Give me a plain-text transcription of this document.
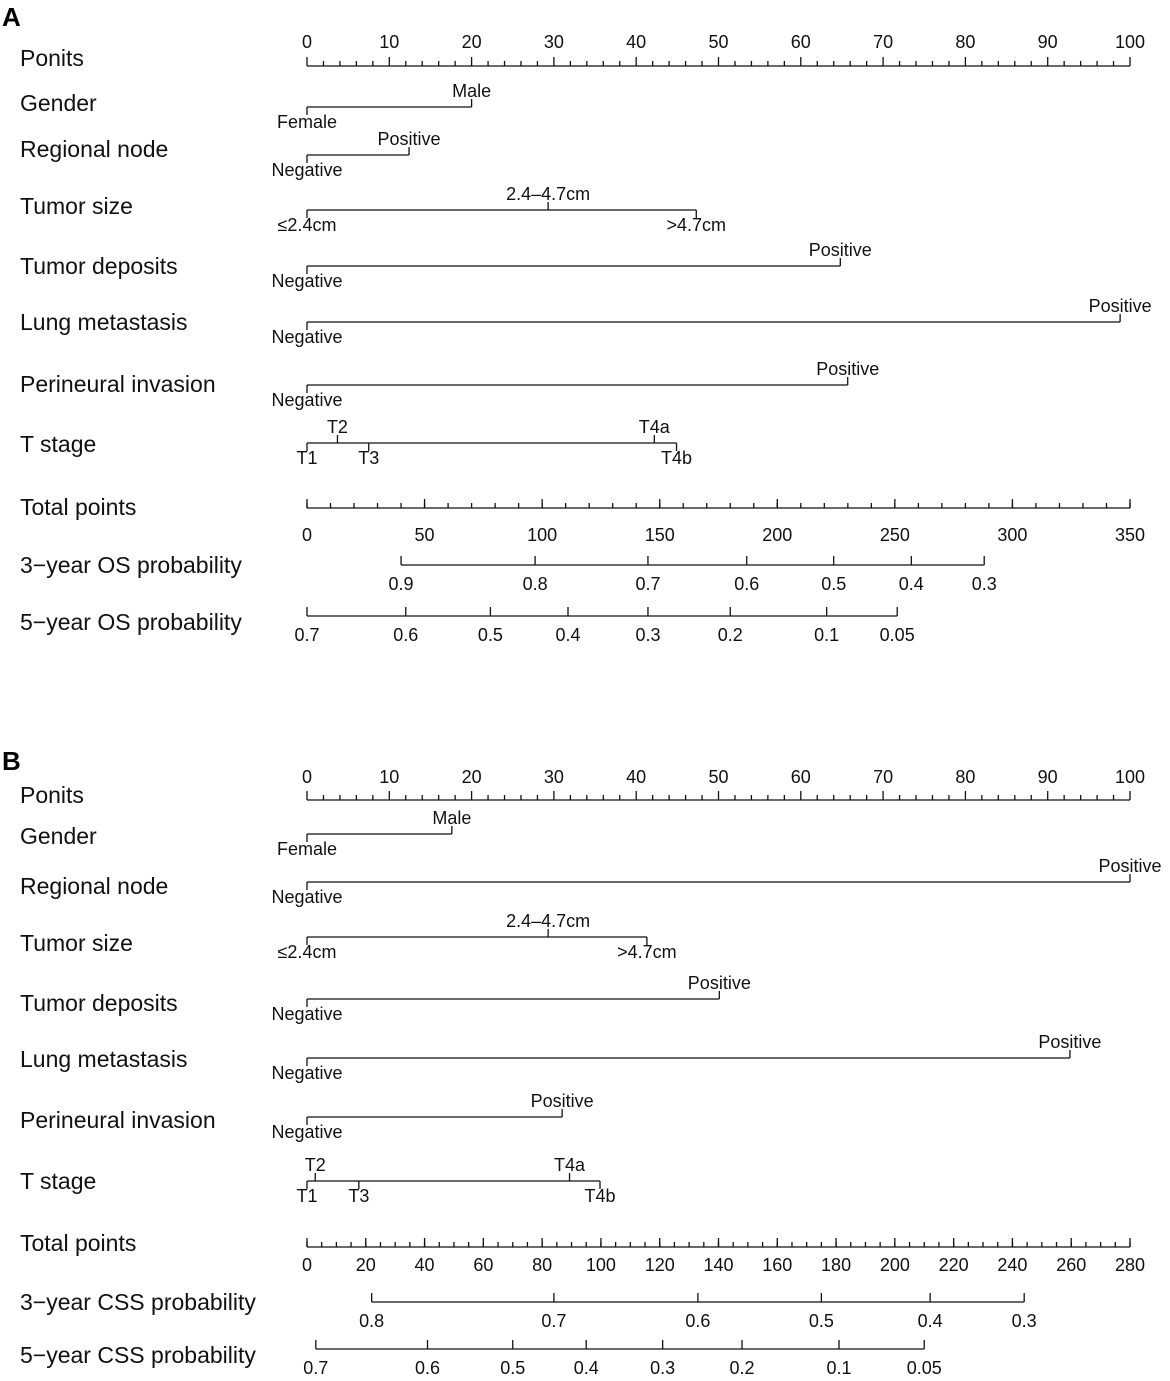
A
Ponits
0	10	20	30	40	50	60	70	80	90	100
Gender
Female
Male
Regional node
Negative
Positive
Tumor size
≤2.4cm
2.4–4.7cm
>4.7cm
Tumor deposits
Negative
Positive
Lung metastasis
Negative
Positive
Perineural invasion
Negative
Positive
T stage
T1
T2
T3
T4a
T4b
Total points
0	50	100	150	200	250	300	350
3−year OS probability
0.9	0.8	0.7	0.6	0.5	0.4	0.3
5−year OS probability	0.7	0.6	0.5	0.4	0.3	0.2	0.1 0.05
B
Ponits
0	10	20	30	40	50	60	70	80	90	100
Gender	Female
Male
Regional node	Negative
Positive
Tumor size	≤2.4cm
2.4–4.7cm
>4.7cm
Tumor deposits	Negative
Positive
Lung metastasis
Negative
Positive
Perineural invasion	Negative
Positive
T stage
T1
T2
T3
T4a
T4b
Total points
0 20 40 60 80 100 120 140 160 180 200 220 240 260 280
3−year CSS probability
0.8	0.7	0.6	0.5	0.4	0.3
5−year CSS probability	0.7	0.6	0.5	0.4	0.3	0.2	0.1	0.05
